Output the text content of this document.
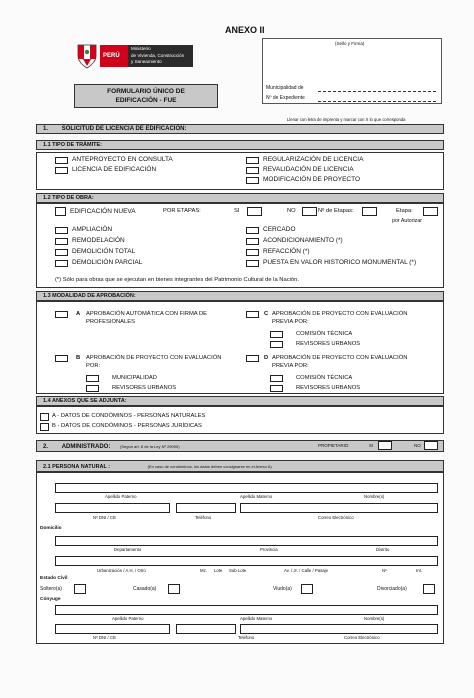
ANEXO II
(Sello y Firma)
PERÚ
Ministerio
de Vivienda, Construcción
y Saneamiento
FORMULARIO ÚNICO DE
EDIFICACIÓN - FUE
Municipalidad de
Nº de Expediente
Llenar con letra de imprenta y marcar con X lo que corresponda
1. SOLICITUD DE LICENCIA DE EDIFICACIÓN:
1.1 TIPO DE TRÁMITE:
ANTEPROYECTO EN CONSULTA
LICENCIA DE EDIFICACIÓN
REGULARIZACIÓN DE LICENCIA
REVALIDACIÓN DE LICENCIA
MODIFICACIÓN DE PROYECTO
1.2 TIPO DE OBRA:
EDIFICACIÓN NUEVA	POR ETAPAS:	SI	NO	Nº de Etapas:	Etapa:
por Autorizar
AMPLIACIÓN
REMODELACIÓN
DEMOLICIÓN TOTAL
DEMOLICIÓN PARCIAL
CERCADO
ACONDICIONAMIENTO (*)
REFACCIÓN (*)
PUESTA EN VALOR HISTORICO MONUMENTAL (*)
(*) Sólo para obras que se ejecutan en bienes integrantes del Patrimonio Cultural de la Nación.
1.3 MODALIDAD DE APROBACIÓN:
A APROBACIÓN AUTOMÁTICA CON FIRMA DE
PROFESIONALES
C APROBACIÓN DE PROYECTO CON EVALUACIÓN
PREVIA POR:
COMISIÓN TÉCNICA
REVISORES URBANOS
B APROBACIÓN DE PROYECTO CON EVALUACIÓN
POR:
MUNICIPALIDAD
REVISORES URBANOS
D APROBACIÓN DE PROYECTO CON EVALUACIÓN
PREVIA POR:
COMISIÓN TÉCNICA
REVISORES URBANOS
1.4 ANEXOS QUE SE ADJUNTA:
A - DATOS DE CONDÓMINOS - PERSONAS NATURALES
B - DATOS DE CONDÓMINOS - PERSONAS JURÍDICAS
2. ADMINISTRADO: (Según art. 8 de la Ley Nº 29090)	PROPIETARIO	SI	NO
2.1 PERSONA NATURAL :	(En caso de condóminos, los datos deben consignarse en el Anexo A)
Apellido Paterno	Apellido Materno	Nombre(s)
Nº DNI / CE	Teléfono	Correo Electrónico
Domicilio
Departamento	Provincia	Distrito
Urbanización / A.H. / Otro	Mz. Lote Sub Lote	Av. / Jr. / Calle / Pasaje	Nº	Int.
Estado Civil
Soltero(a)	Casado(a)	Viudo(a)	Divorciado(a)
Cónyuge
Apellido Paterno	Apellido Materno	Nombre(s)
Nº DNI / CE	Teléfono	Correo Electrónico
